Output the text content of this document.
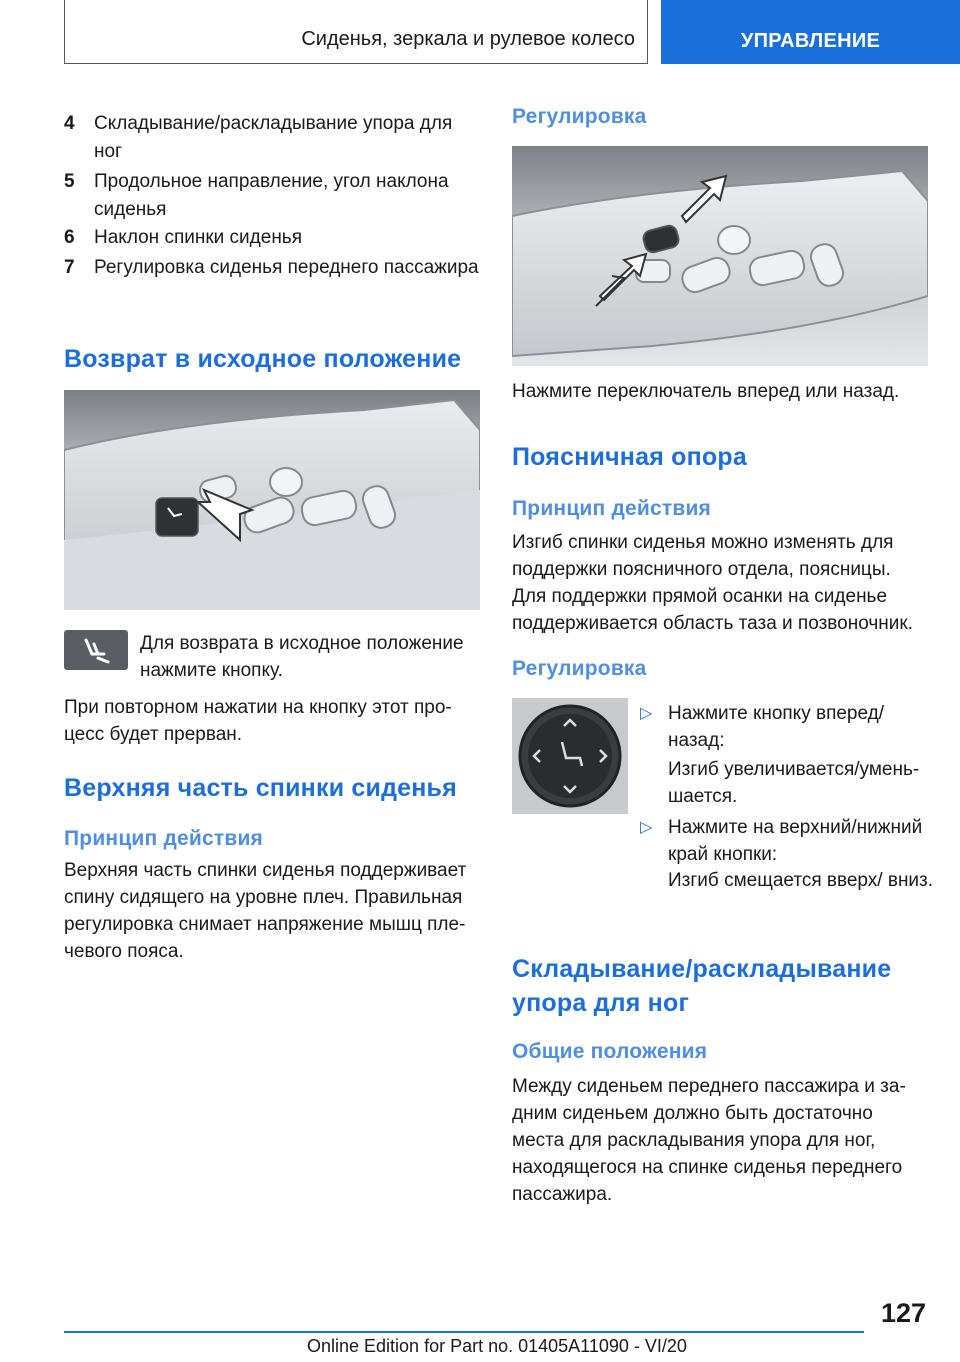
Сиденья, зеркала и рулевое колесо	УПРАВЛЕНИЕ
4 Складывание/раскладывание упора для ног
5 Продольное направление, угол наклона сиденья
6 Наклон спинки сиденья
7 Регулировка сиденья переднего пассажира
Возврат в исходное положение
Для возврата в исходное положение нажмите кнопку.
При повторном нажатии на кнопку этот процесс будет прерван.
Верхняя часть спинки сиденья
Принцип действия
Верхняя часть спинки сиденья поддерживает спину сидящего на уровне плеч. Правильная регулировка снимает напряжение мышц плечевого пояса.
Регулировка
Нажмите переключатель вперед или назад.
Поясничная опора
Принцип действия
Изгиб спинки сиденья можно изменять для поддержки поясничного отдела, поясницы. Для поддержки прямой осанки на сиденье поддерживается область таза и позвоночник.
Регулировка
▷ Нажмите кнопку вперед/ назад:
Изгиб увеличивается/уменьшается.
▷ Нажмите на верхний/нижний край кнопки:
Изгиб смещается вверх/ вниз.
Складывание/раскладывание упора для ног
Общие положения
Между сиденьем переднего пассажира и задним сиденьем должно быть достаточно места для раскладывания упора для ног, находящегося на спинке сиденья переднего пассажира.
127
Online Edition for Part no. 01405A11090 - VI/20
